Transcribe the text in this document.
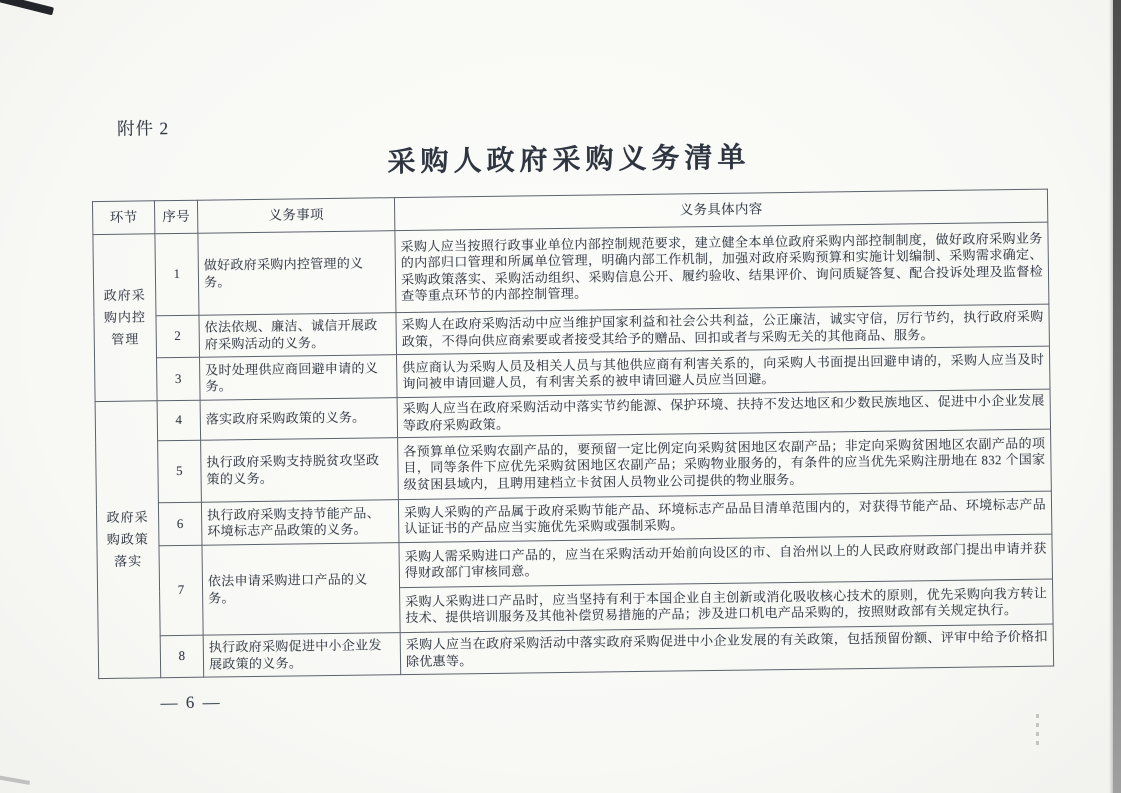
附件 2
采购人政府采购义务清单
环节	序号	义务事项	义务具体内容
政府采购内控管理	1	做好政府采购内控管理的义务。	采购人应当按照行政事业单位内部控制规范要求，建立健全本单位政府采购内部控制制度，做好政府采购业务的内部归口管理和所属单位管理，明确内部工作机制，加强对政府采购预算和实施计划编制、采购需求确定、采购政策落实、采购活动组织、采购信息公开、履约验收、结果评价、询问质疑答复、配合投诉处理及监督检查等重点环节的内部控制管理。
	2	依法依规、廉洁、诚信开展政府采购活动的义务。	采购人在政府采购活动中应当维护国家利益和社会公共利益，公正廉洁，诚实守信，厉行节约，执行政府采购政策，不得向供应商索要或者接受其给予的赠品、回扣或者与采购无关的其他商品、服务。
	3	及时处理供应商回避申请的义务。	供应商认为采购人员及相关人员与其他供应商有利害关系的，向采购人书面提出回避申请的，采购人应当及时询问被申请回避人员，有利害关系的被申请回避人员应当回避。
政府采购政策落实	4	落实政府采购政策的义务。	采购人应当在政府采购活动中落实节约能源、保护环境、扶持不发达地区和少数民族地区、促进中小企业发展等政府采购政策。
	5	执行政府采购支持脱贫攻坚政策的义务。	各预算单位采购农副产品的，要预留一定比例定向采购贫困地区农副产品；非定向采购贫困地区农副产品的项目，同等条件下应优先采购贫困地区农副产品；采购物业服务的，有条件的应当优先采购注册地在 832 个国家级贫困县域内，且聘用建档立卡贫困人员物业公司提供的物业服务。
	6	执行政府采购支持节能产品、环境标志产品政策的义务。	采购人采购的产品属于政府采购节能产品、环境标志产品品目清单范围内的，对获得节能产品、环境标志产品认证证书的产品应当实施优先采购或强制采购。
	7	依法申请采购进口产品的义务。	采购人需采购进口产品的，应当在采购活动开始前向设区的市、自治州以上的人民政府财政部门提出申请并获得财政部门审核同意。
			采购人采购进口产品时，应当坚持有利于本国企业自主创新或消化吸收核心技术的原则，优先采购向我方转让技术、提供培训服务及其他补偿贸易措施的产品；涉及进口机电产品采购的，按照财政部有关规定执行。
	8	执行政府采购促进中小企业发展政策的义务。	采购人应当在政府采购活动中落实政府采购促进中小企业发展的有关政策，包括预留份额、评审中给予价格扣除优惠等。
— 6 —
